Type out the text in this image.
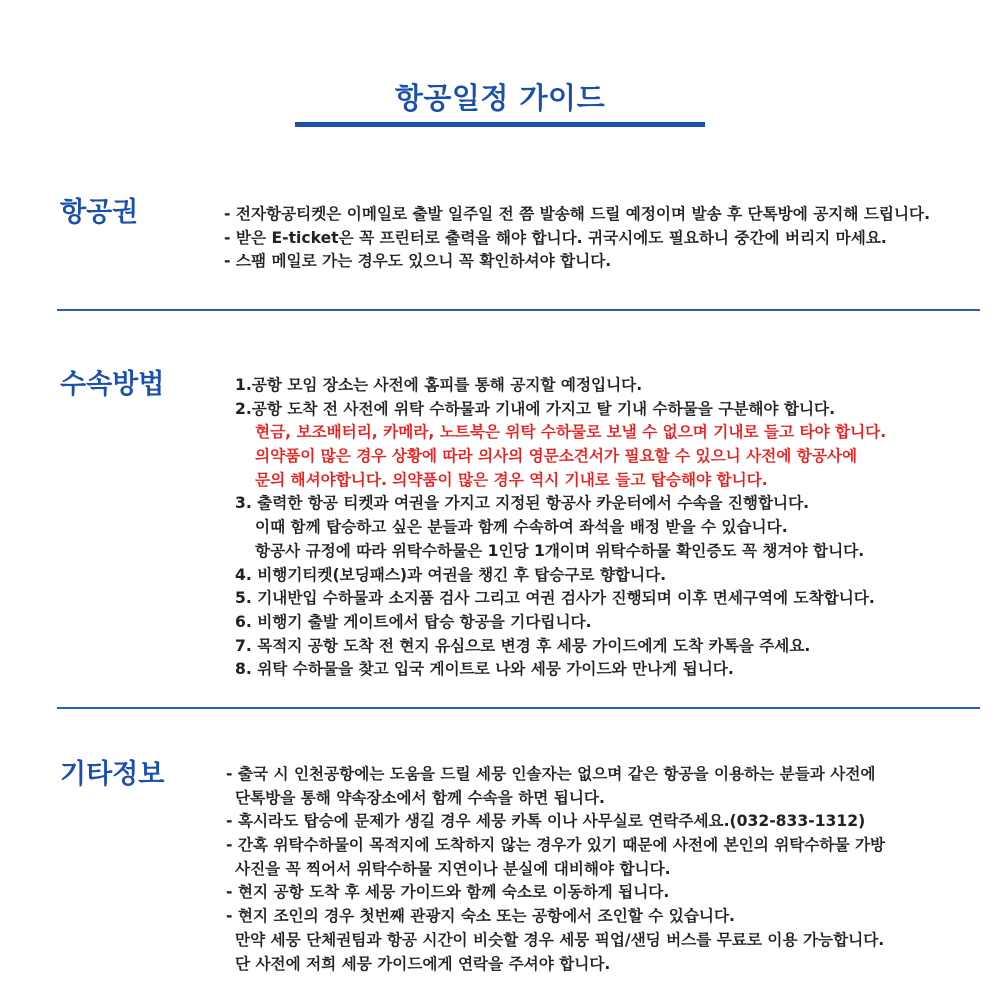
항공일정 가이드
항공권	- 전자항공티켓은 이메일로 출발 일주일 전 쯤 발송해 드릴 예정이며 발송 후 단톡방에 공지해 드립니다.
- 받은 E-ticket은 꼭 프린터로 출력을 해야 합니다. 귀국시에도 필요하니 중간에 버리지 마세요.
- 스팸 메일로 가는 경우도 있으니 꼭 확인하셔야 합니다.
수속방법	1.공항 모임 장소는 사전에 홈피를 통해 공지할 예정입니다.
2.공항 도착 전 사전에 위탁 수하물과 기내에 가지고 탈 기내 수하물을 구분해야 합니다.
현금, 보조배터리, 카메라, 노트북은 위탁 수하물로 보낼 수 없으며 기내로 들고 타야 합니다.
의약품이 많은 경우 상황에 따라 의사의 영문소견서가 필요할 수 있으니 사전에 항공사에
문의 해셔야합니다. 의약품이 많은 경우 역시 기내로 들고 탑승해야 합니다.
3. 출력한 항공 티켓과 여권을 가지고 지정된 항공사 카운터에서 수속을 진행합니다.
이때 함께 탑승하고 싶은 분들과 함께 수속하여 좌석을 배정 받을 수 있습니다.
항공사 규정에 따라 위탁수하물은 1인당 1개이며 위탁수하물 확인증도 꼭 챙겨야 합니다.
4. 비행기티켓(보딩패스)과 여권을 챙긴 후 탑승구로 향합니다.
5. 기내반입 수하물과 소지품 검사 그리고 여권 검사가 진행되며 이후 면세구역에 도착합니다.
6. 비행기 출발 게이트에서 탑승 항공을 기다립니다.
7. 목적지 공항 도착 전 현지 유심으로 변경 후 세뭉 가이드에게 도착 카톡을 주세요.
8. 위탁 수하물을 찾고 입국 게이트로 나와 세뭉 가이드와 만나게 됩니다.
기타정보	- 출국 시 인천공항에는 도움을 드릴 세뭉 인솔자는 없으며 같은 항공을 이용하는 분들과 사전에
단톡방을 통해 약속장소에서 함께 수속을 하면 됩니다.
- 혹시라도 탑승에 문제가 생길 경우 세뭉 카톡 이나 사무실로 연락주세요.(032-833-1312)
- 간혹 위탁수하물이 목적지에 도착하지 않는 경우가 있기 때문에 사전에 본인의 위탁수하물 가방
사진을 꼭 찍어서 위탁수하물 지연이나 분실에 대비해야 합니다.
- 현지 공항 도착 후 세뭉 가이드와 함께 숙소로 이동하게 됩니다.
- 현지 조인의 경우 첫번째 관광지 숙소 또는 공항에서 조인할 수 있습니다.
만약 세뭉 단체권팀과 항공 시간이 비슷할 경우 세뭉 픽업/샌딩 버스를 무료로 이용 가능합니다.
단 사전에 저희 세뭉 가이드에게 연락을 주셔야 합니다.
